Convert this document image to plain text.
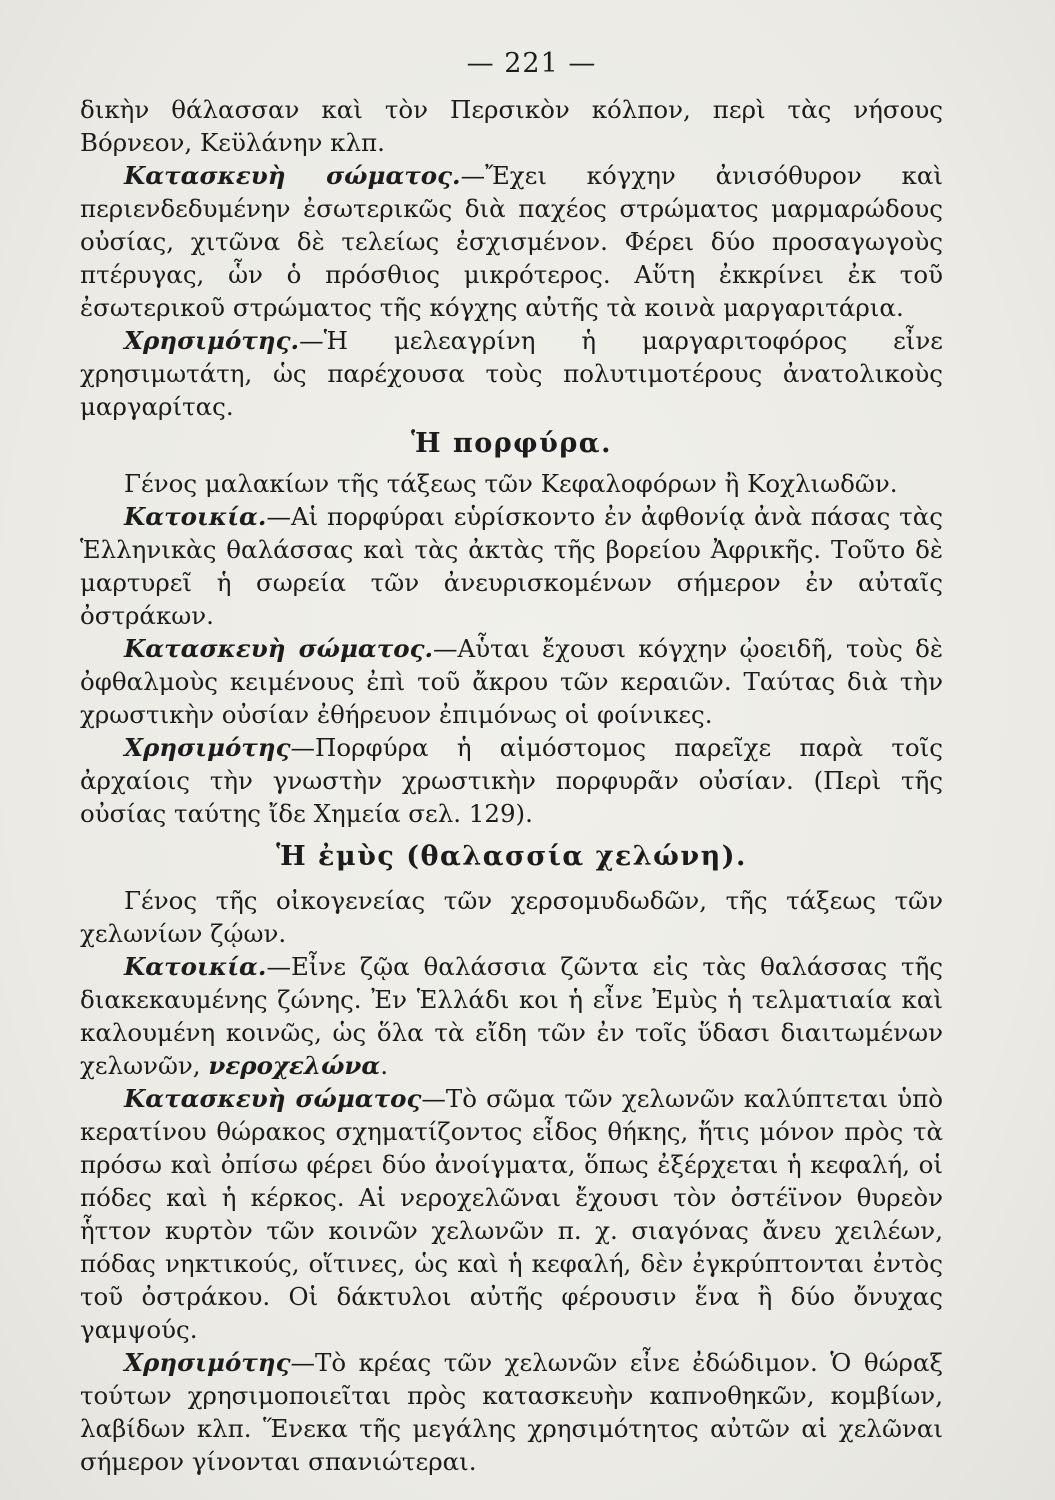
— 221 —

δικὴν θάλασσαν καὶ τὸν Περσικὸν κόλπον, περὶ τὰς νήσους Βόρνεον, Κεϋλάνην κλπ.

Κατασκευὴ σώματος.—Ἔχει κόγχην ἀνισόθυρον καὶ περιενδεδυμένην ἐσωτερικῶς διὰ παχέος στρώματος μαρμαρώδους οὐσίας, χιτῶνα δὲ τελείως ἐσχισμένον. Φέρει δύο προσαγωγοὺς πτέρυγας, ὧν ὁ πρόσθιος μικρότερος. Αὕτη ἐκκρίνει ἐκ τοῦ ἐσωτερικοῦ στρώματος τῆς κόγχης αὐτῆς τὰ κοινὰ μαργαριτάρια.

Χρησιμότης.—Ἡ μελεαγρίνη ἡ μαργαριτοφόρος εἶνε χρησιμωτάτη, ὡς παρέχουσα τοὺς πολυτιμοτέρους ἀνατολικοὺς μαργαρίτας.

Ἡ πορφύρα.

Γένος μαλακίων τῆς τάξεως τῶν Κεφαλοφόρων ἢ Κοχλιωδῶν.

Κατοικία.—Αἱ πορφύραι εὑρίσκοντο ἐν ἀφθονίᾳ ἀνὰ πάσας τὰς Ἑλληνικὰς θαλάσσας καὶ τὰς ἀκτὰς τῆς βορείου Ἀφρικῆς. Τοῦτο δὲ μαρτυρεῖ ἡ σωρεία τῶν ἀνευρισκομένων σήμερον ἐν αὐταῖς ὀστράκων.

Κατασκευὴ σώματος.—Αὗται ἔχουσι κόγχην ᾠοειδῆ, τοὺς δὲ ὀφθαλμοὺς κειμένους ἐπὶ τοῦ ἄκρου τῶν κεραιῶν. Ταύτας διὰ τὴν χρωστικὴν οὐσίαν ἐθήρευον ἐπιμόνως οἱ φοίνικες.

Χρησιμότης—Πορφύρα ἡ αἱμόστομος παρεῖχε παρὰ τοῖς ἀρχαίοις τὴν γνωστὴν χρωστικὴν πορφυρᾶν οὐσίαν. (Περὶ τῆς οὐσίας ταύτης ἴδε Χημεία σελ. 129).

Ἡ ἐμὺς (θαλασσία χελώνη).

Γένος τῆς οἰκογενείας τῶν χερσομυδωδῶν, τῆς τάξεως τῶν χελωνίων ζῴων.

Κατοικία.—Εἶνε ζῷα θαλάσσια ζῶντα εἰς τὰς θαλάσσας τῆς διακεκαυμένης ζώνης. Ἐν Ἑλλάδι κοι ἡ εἶνε Ἐμὺς ἡ τελματιαία καὶ καλουμένη κοινῶς, ὡς ὅλα τὰ εἴδη τῶν ἐν τοῖς ὕδασι διαιτωμένων χελωνῶν, νεροχελώνα.

Κατασκευὴ σώματος—Τὸ σῶμα τῶν χελωνῶν καλύπτεται ὑπὸ κερατίνου θώρακος σχηματίζοντος εἶδος θήκης, ἥτις μόνον πρὸς τὰ πρόσω καὶ ὀπίσω φέρει δύο ἀνοίγματα, ὅπως ἐξέρχεται ἡ κεφαλή, οἱ πόδες καὶ ἡ κέρκος. Αἱ νεροχελῶναι ἔχουσι τὸν ὀστέϊνον θυρεὸν ἧττον κυρτὸν τῶν κοινῶν χελωνῶν π. χ. σιαγόνας ἄνευ χειλέων, πόδας νηκτικούς, οἵτινες, ὡς καὶ ἡ κεφαλή, δὲν ἐγκρύπτονται ἐντὸς τοῦ ὀστράκου. Οἱ δάκτυλοι αὐτῆς φέρουσιν ἕνα ἢ δύο ὄνυχας γαμψούς.

Χρησιμότης—Τὸ κρέας τῶν χελωνῶν εἶνε ἐδώδιμον. Ὁ θώραξ τούτων χρησιμοποιεῖται πρὸς κατασκευὴν καπνοθηκῶν, κομβίων, λαβίδων κλπ. Ἕνεκα τῆς μεγάλης χρησιμότητος αὐτῶν αἱ χελῶναι σήμερον γίνονται σπανιώτεραι.
